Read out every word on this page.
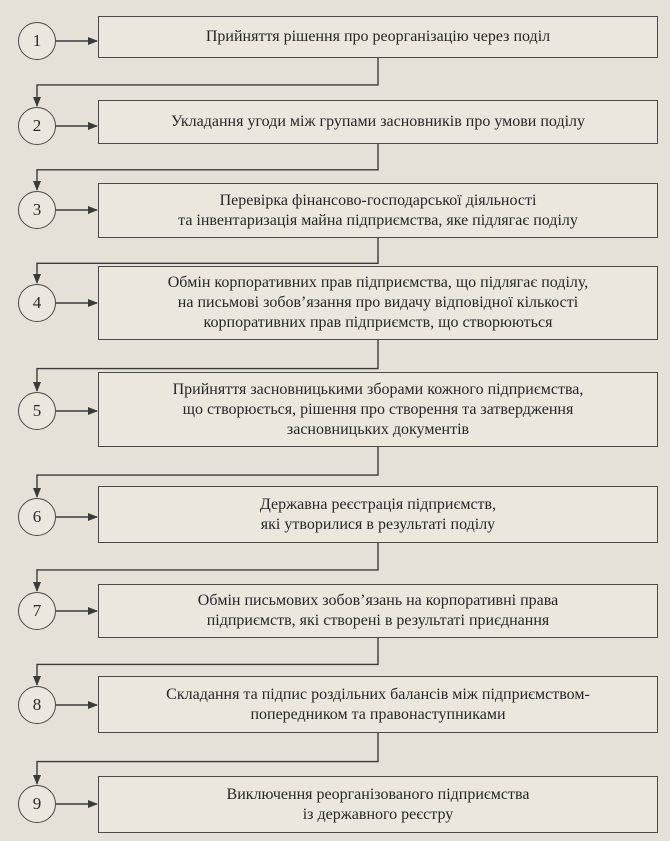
1	Прийняття рішення про реорганізацію через поділ
2	Укладання угоди між групами засновників про умови поділу
3	Перевірка фінансово-господарської діяльності
та інвентаризація майна підприємства, яке підлягає поділу
4
Обмін корпоративних прав підприємства, що підлягає поділу,
на письмові зобов’язання про видачу відповідної кількості
корпоративних прав підприємств, що створюються
5
Прийняття засновницькими зборами кожного підприємства,
що створюється, рішення про створення та затвердження
засновницьких документів
6
Державна реєстрація підприємств,
які утворилися в результаті поділу
7
Обмін письмових зобов’язань на корпоративні права
підприємств, які створені в результаті приєднання
8
Складання та підпис роздільних балансів між підприємством-
попередником та правонаступниками
9	Виключення реорганізованого підприємства
із державного реєстру
